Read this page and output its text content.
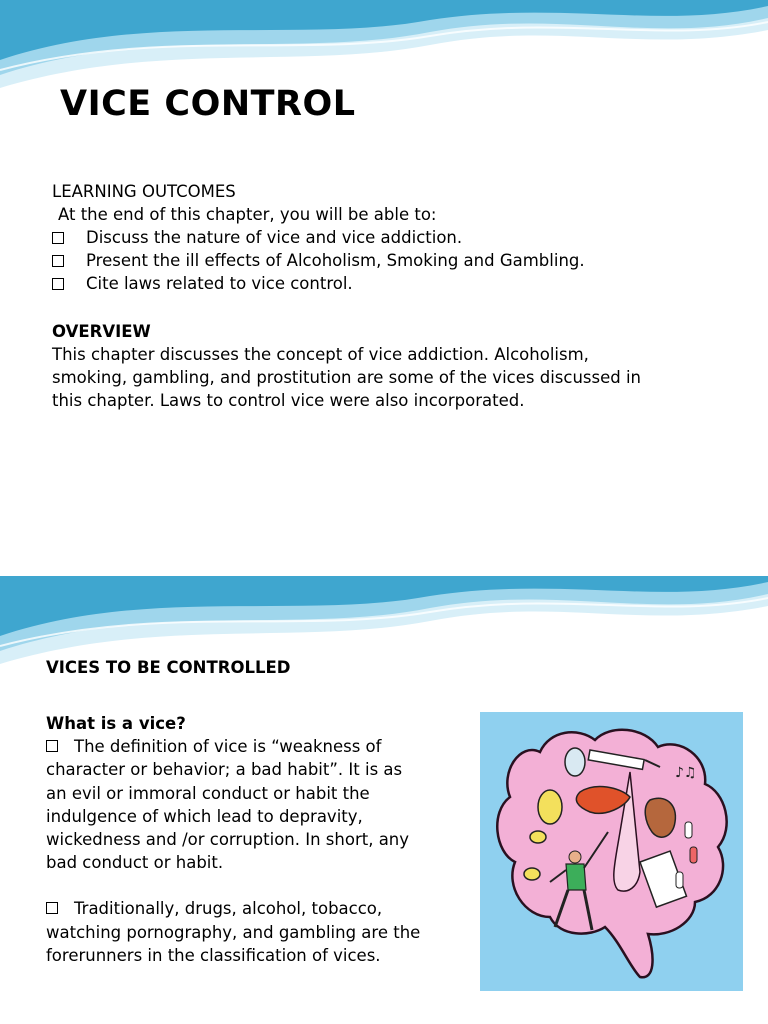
VICE CONTROL
LEARNING OUTCOMES
At the end of this chapter, you will be able to:
Discuss the nature of vice and vice addiction.
Present the ill effects of Alcoholism, Smoking and Gambling.
Cite laws related to vice control.
OVERVIEW
This chapter discusses the concept of vice addiction. Alcoholism,
smoking, gambling, and prostitution are some of the vices discussed in
this chapter. Laws to control vice were also incorporated.
VICES TO BE CONTROLLED
What is a vice?
The definition of vice is “weakness of
character or behavior; a bad habit”. It is as
an evil or immoral conduct or habit the
indulgence of which lead to depravity,
wickedness and /or corruption. In short, any
bad conduct or habit.
Traditionally, drugs, alcohol, tobacco,
watching pornography, and gambling are the
forerunners in the classification of vices.
♪♫
